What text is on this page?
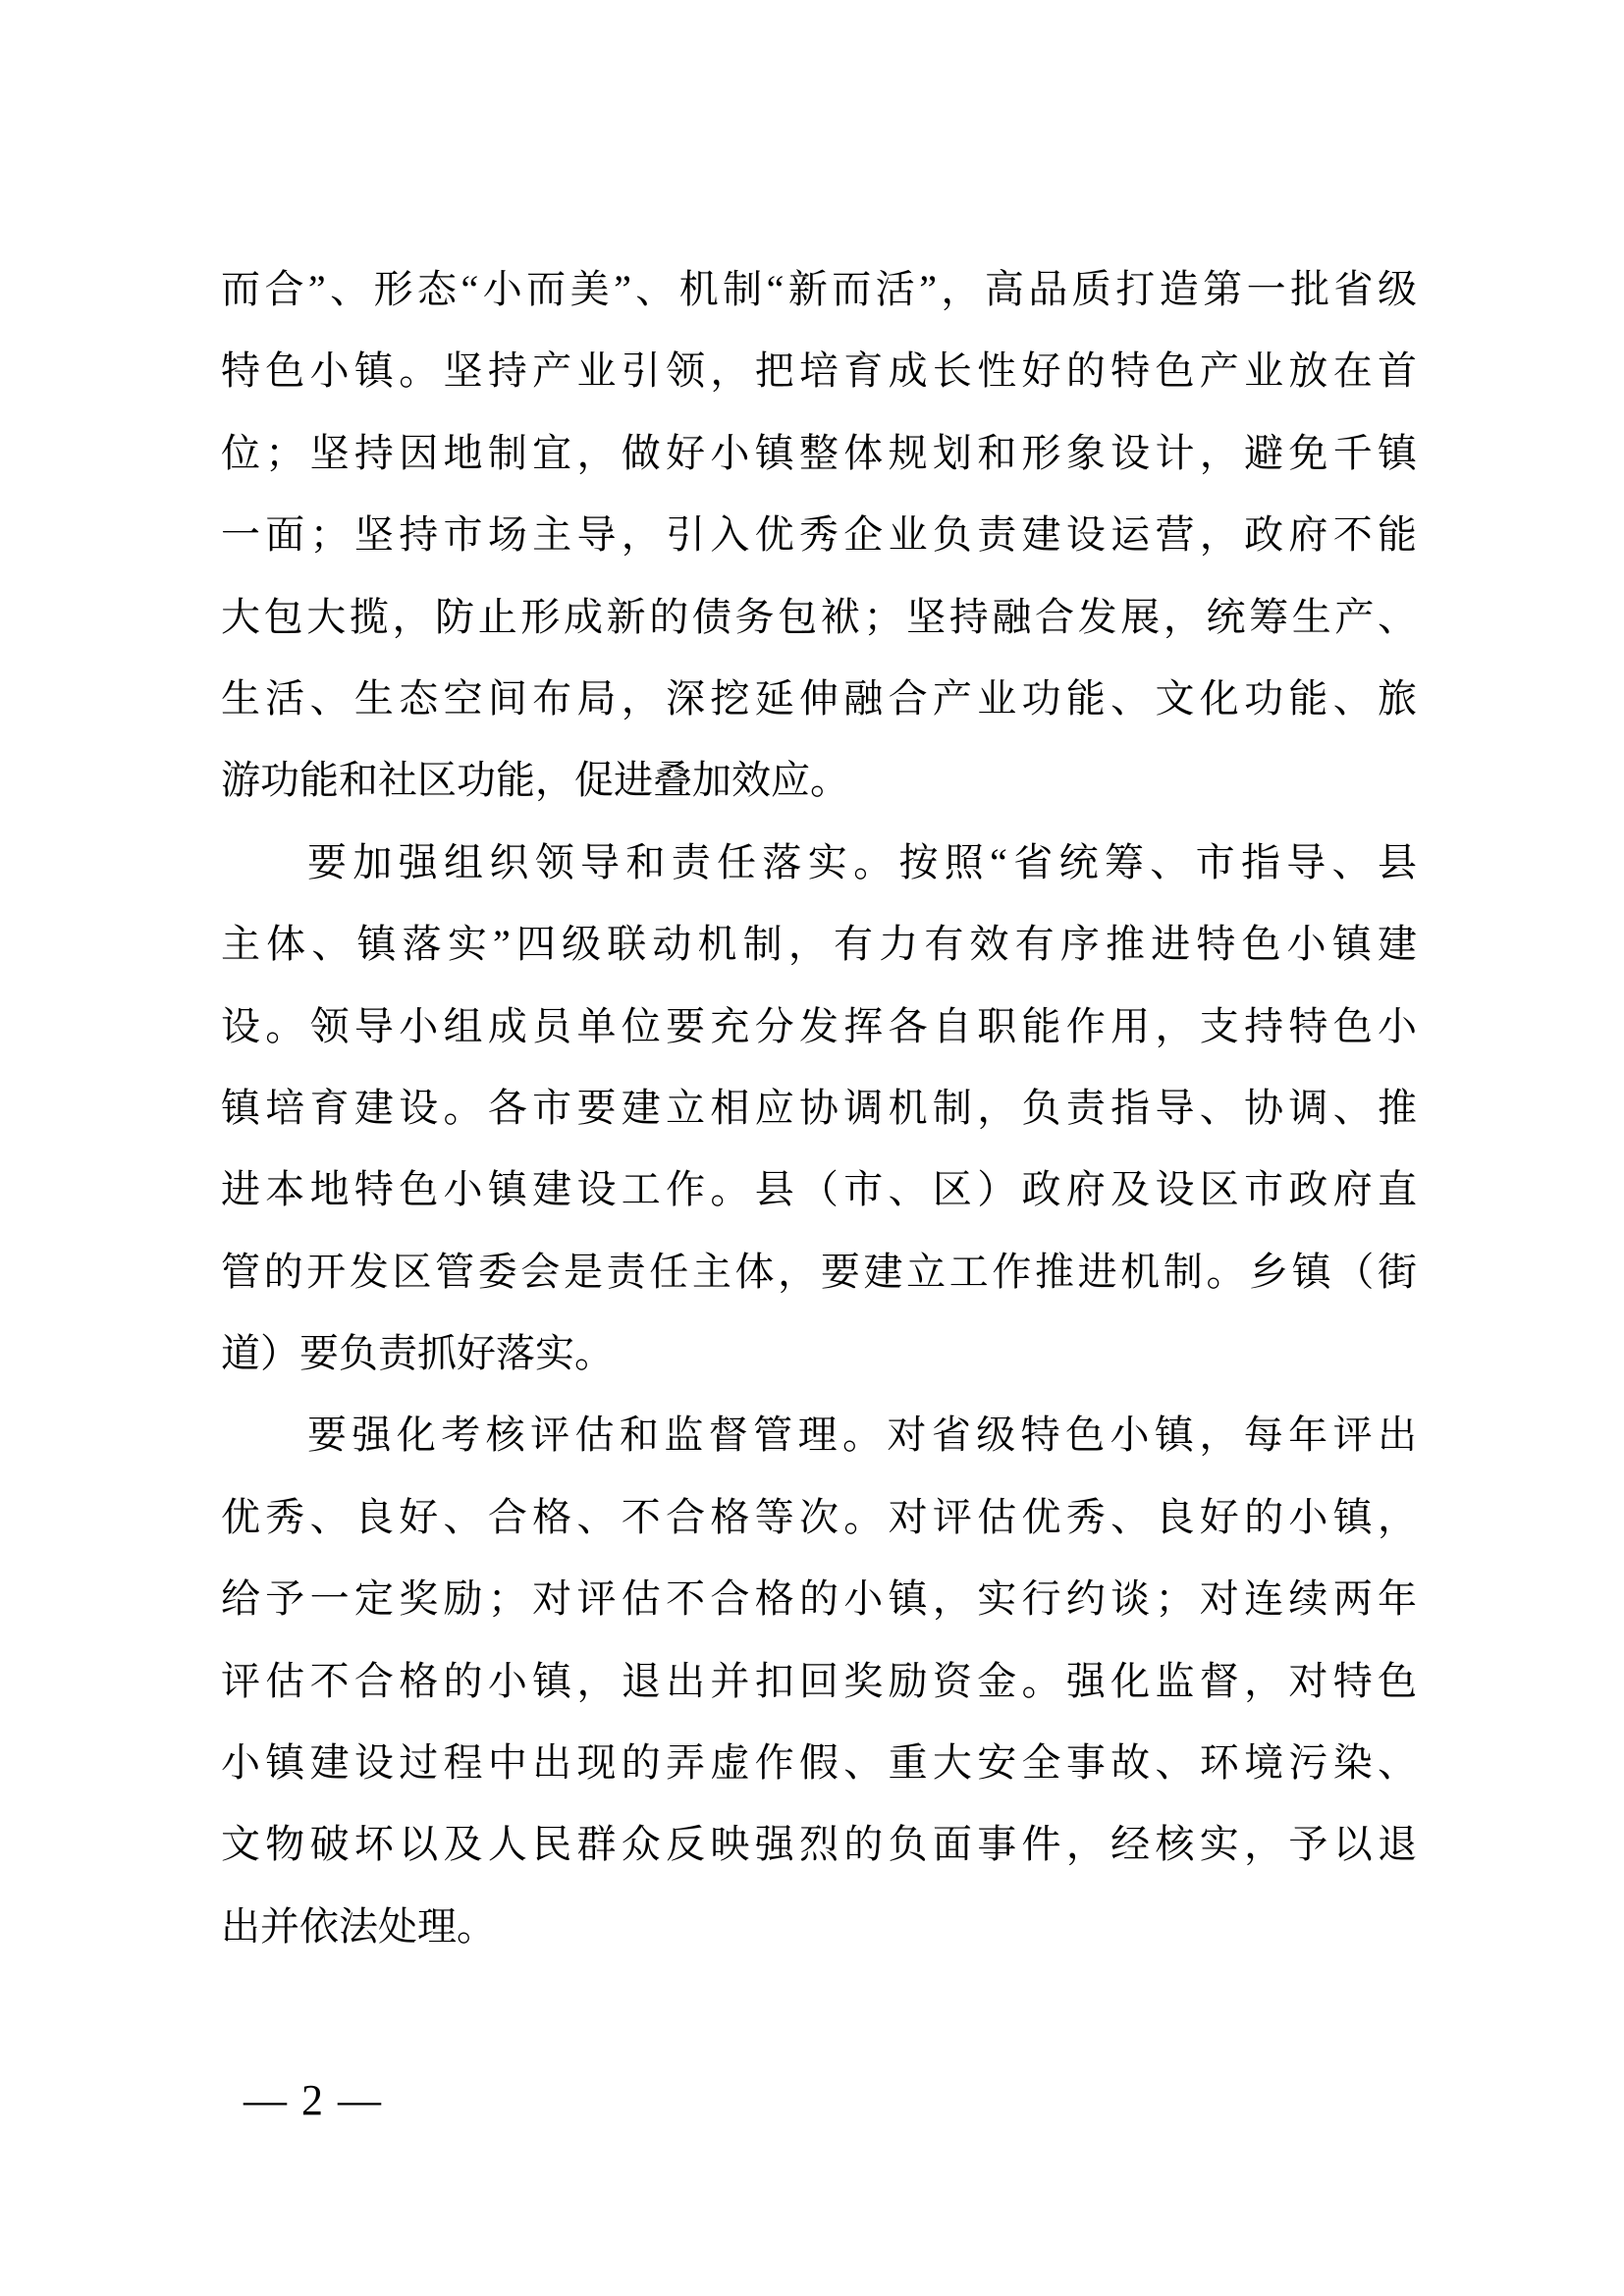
而合”、形态“小而美”、机制“新而活”，高品质打造第一批省级
特色小镇。坚持产业引领，把培育成长性好的特色产业放在首
位；坚持因地制宜，做好小镇整体规划和形象设计，避免千镇
一面；坚持市场主导，引入优秀企业负责建设运营，政府不能
大包大揽，防止形成新的债务包袱；坚持融合发展，统筹生产、
生活、生态空间布局，深挖延伸融合产业功能、文化功能、旅
游功能和社区功能，促进叠加效应。
要加强组织领导和责任落实。按照“省统筹、市指导、县
主体、镇落实”四级联动机制，有力有效有序推进特色小镇建
设。领导小组成员单位要充分发挥各自职能作用，支持特色小
镇培育建设。各市要建立相应协调机制，负责指导、协调、推
进本地特色小镇建设工作。县（市、区）政府及设区市政府直
管的开发区管委会是责任主体，要建立工作推进机制。乡镇（街
道）要负责抓好落实。
要强化考核评估和监督管理。对省级特色小镇，每年评出
优秀、良好、合格、不合格等次。对评估优秀、良好的小镇，
给予一定奖励；对评估不合格的小镇，实行约谈；对连续两年
评估不合格的小镇，退出并扣回奖励资金。强化监督，对特色
小镇建设过程中出现的弄虚作假、重大安全事故、环境污染、
文物破坏以及人民群众反映强烈的负面事件，经核实，予以退
出并依法处理。
— 2 —
